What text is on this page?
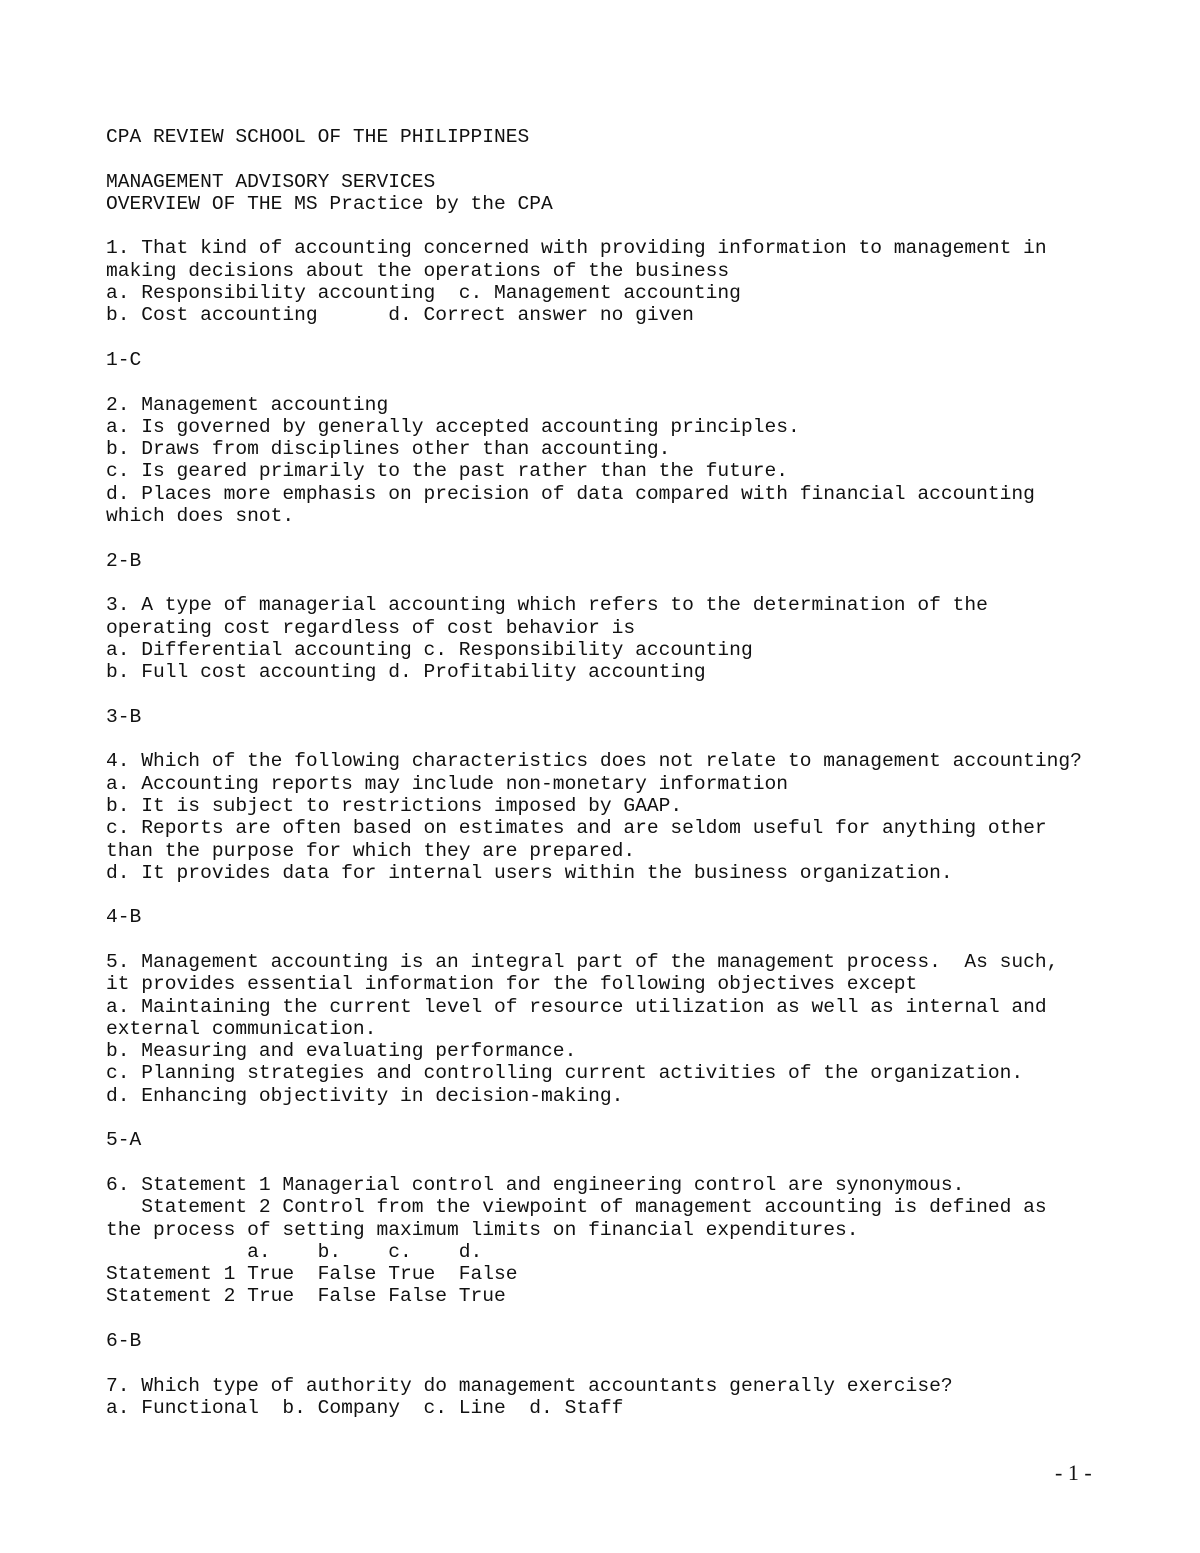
CPA REVIEW SCHOOL OF THE PHILIPPINES
MANAGEMENT ADVISORY SERVICES
OVERVIEW OF THE MS Practice by the CPA
1. That kind of accounting concerned with providing information to management in
making decisions about the operations of the business
a. Responsibility accounting  c. Management accounting
b. Cost accounting      d. Correct answer no given
1-C
2. Management accounting
a. Is governed by generally accepted accounting principles.
b. Draws from disciplines other than accounting.
c. Is geared primarily to the past rather than the future.
d. Places more emphasis on precision of data compared with financial accounting
which does snot.
2-B
3. A type of managerial accounting which refers to the determination of the
operating cost regardless of cost behavior is
a. Differential accounting c. Responsibility accounting
b. Full cost accounting d. Profitability accounting
3-B
4. Which of the following characteristics does not relate to management accounting?
a. Accounting reports may include non-monetary information
b. It is subject to restrictions imposed by GAAP.
c. Reports are often based on estimates and are seldom useful for anything other
than the purpose for which they are prepared.
d. It provides data for internal users within the business organization.
4-B
5. Management accounting is an integral part of the management process.  As such,
it provides essential information for the following objectives except
a. Maintaining the current level of resource utilization as well as internal and
external communication.
b. Measuring and evaluating performance.
c. Planning strategies and controlling current activities of the organization.
d. Enhancing objectivity in decision-making.
5-A
6. Statement 1 Managerial control and engineering control are synonymous.
Statement 2 Control from the viewpoint of management accounting is defined as
the process of setting maximum limits on financial expenditures.
a.    b.    c.    d.
Statement 1 True  False True  False
Statement 2 True  False False True
6-B
7. Which type of authority do management accountants generally exercise?
a. Functional  b. Company  c. Line  d. Staff
- 1 -
